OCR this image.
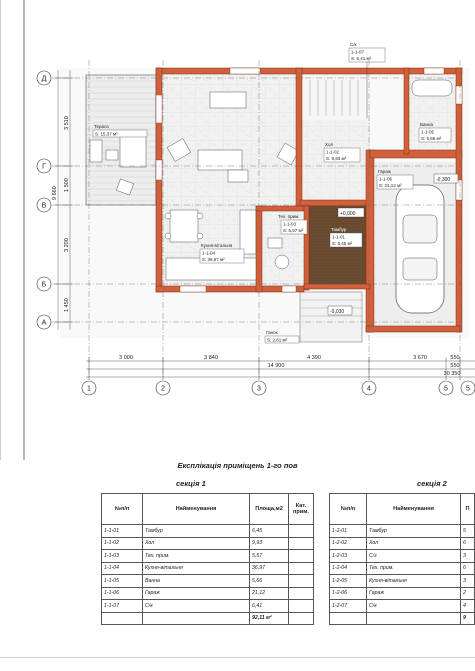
Тераса
S: 15,37 м²
Хол
1-1-02
S: 9,93 м²
С/к
1-1-07
S: 6,41 м²
Ванна
1-1-05
S: 5,66 м²
Гараж
1-1-06
S: 21,12 м²
Тех. прим.
1-1-03
S: 5,57 м²	Тамбур
1-1-01
S: 6,45 м²
Кухня-вітальня
1-1-04
S: 36,97 м²
Ганок
S: 2,61 м²
-0,300
+0,000
-0,030
Д
Г
В
Б
А
3 510
1 500
3 200
1 450
9 660
3 000	3 840	4 390	3 670	550
14 900	550
30 350
1	2	3	4	5	5
Експлікація приміщень 1-го пов
секція 1	секція 2
№п/п	Найменування	Площа,м2	Кат. прим.
1-1-01	Тамбур	6,45	
1-1-02	Хол	9,93	
1-1-03	Тех. прим.	5,57	
1-1-04	Кухня-вітальня	36,97	
1-1-05	Ванна	5,66	
1-1-06	Гараж	21,12	
1-1-07	С/к	6,41	
		92,11 м²	
№п/п	Найменування	П
1-2-01	Тамбур	5
1-2-02	Хол	6
1-2-03	С/з	3
1-2-04	Тех. прим.	6
1-2-05	Кухня-вітальня	3
1-2-06	Гараж	2
1-2-07	С/к	4
		9
